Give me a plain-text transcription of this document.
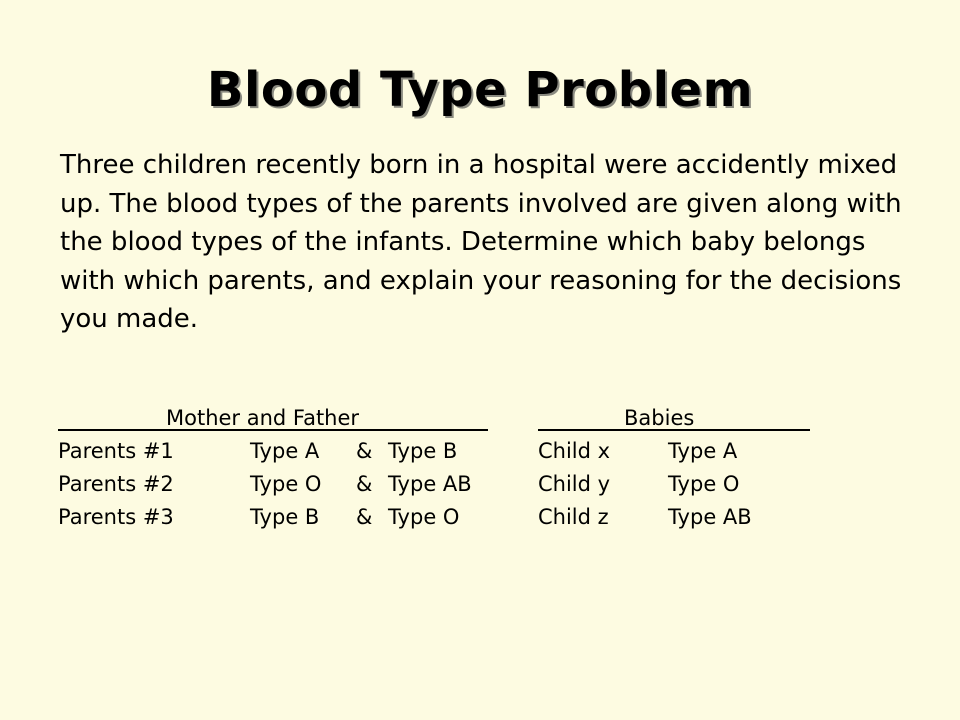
Blood Type Problem

Three children recently born in a hospital were accidently mixed up. The blood types of the parents involved are given along with the blood types of the infants. Determine which baby belongs with which parents, and explain your reasoning for the decisions you made.

Mother and Father	Babies
Parents #1	Type A & Type B	Child x	Type A
Parents #2	Type O & Type AB	Child y	Type O
Parents #3	Type B & Type O	Child z	Type AB
